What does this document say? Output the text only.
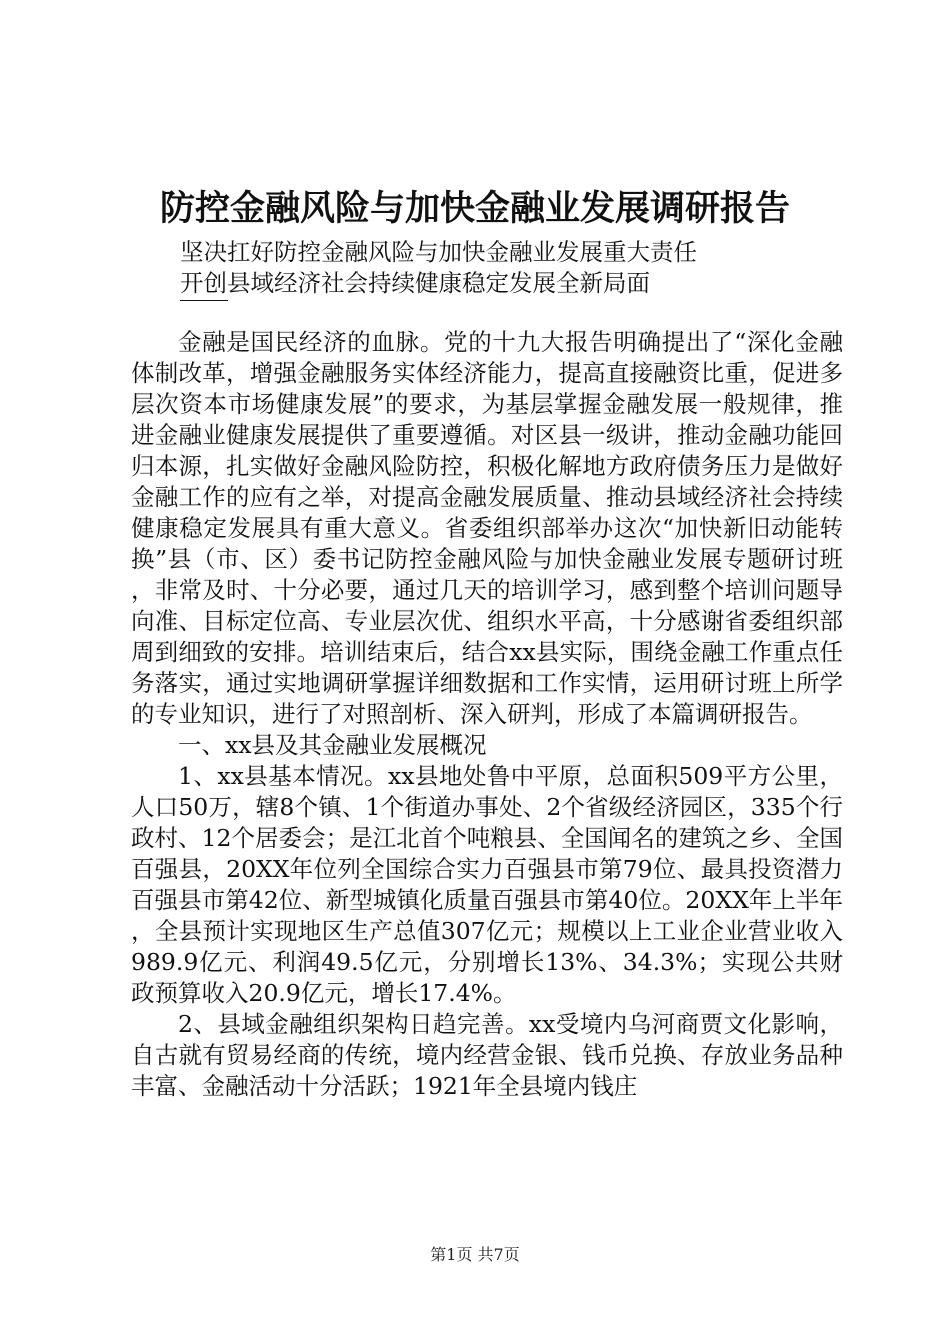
防控金融风险与加快金融业发展调研报告
坚决扛好防控金融风险与加快金融业发展重大责任
开创县域经济社会持续健康稳定发展全新局面

金融是国民经济的血脉。党的十九大报告明确提出了“深化金融体制改革，增强金融服务实体经济能力，提高直接融资比重，促进多层次资本市场健康发展”的要求，为基层掌握金融发展一般规律，推进金融业健康发展提供了重要遵循。对区县一级讲，推动金融功能回归本源，扎实做好金融风险防控，积极化解地方政府债务压力是做好金融工作的应有之举，对提高金融发展质量、推动县域经济社会持续健康稳定发展具有重大意义。省委组织部举办这次“加快新旧动能转换”县（市、区）委书记防控金融风险与加快金融业发展专题研讨班，非常及时、十分必要，通过几天的培训学习，感到整个培训问题导向准、目标定位高、专业层次优、组织水平高，十分感谢省委组织部周到细致的安排。培训结束后，结合xx县实际，围绕金融工作重点任务落实，通过实地调研掌握详细数据和工作实情，运用研讨班上所学的专业知识，进行了对照剖析、深入研判，形成了本篇调研报告。

一、xx县及其金融业发展概况

1、xx县基本情况。xx县地处鲁中平原，总面积509平方公里，人口50万，辖8个镇、1个街道办事处、2个省级经济园区，335个行政村、12个居委会；是江北首个吨粮县、全国闻名的建筑之乡、全国百强县，20XX年位列全国综合实力百强县市第79位、最具投资潜力百强县市第42位、新型城镇化质量百强县市第40位。20XX年上半年，全县预计实现地区生产总值307亿元；规模以上工业企业营业收入989.9亿元、利润49.5亿元，分别增长13%、34.3%；实现公共财政预算收入20.9亿元，增长17.4%。

2、县域金融组织架构日趋完善。xx受境内乌河商贾文化影响，自古就有贸易经商的传统，境内经营金银、钱币兑换、存放业务品种丰富、金融活动十分活跃；1921年全县境内钱庄

第1页 共7页
